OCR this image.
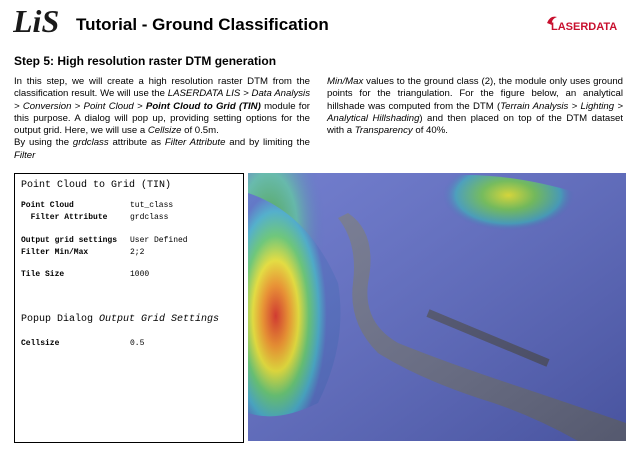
LiS Tutorial - Ground Classification	LASERDATA
Step 5: High resolution raster DTM generation

In this step, we will create a high resolution raster DTM from the classification result. We will use the LASERDATA LIS > Data Analysis > Conversion > Point Cloud > Point Cloud to Grid (TIN) module for this purpose. A dialog will pop up, providing setting options for the output grid. Here, we will use a Cellsize of 0.5m.

By using the grdclass attribute as Filter Attribute and by limiting the Filter

Min/Max values to the ground class (2), the module only uses ground points for the triangulation. For the figure below, an analytical hillshade was computed from the DTM (Terrain Analysis > Lighting > Analytical Hillshading) and then placed on top of the DTM dataset with a Transparency of 40%.

Point Cloud to Grid (TIN)
Point Cloud	tut_class
Filter Attribute	grdclass
Output grid settings	User Defined
Filter Min/Max	2;2
Tile Size	1000
Popup Dialog Output Grid Settings
Cellsize	0.5
